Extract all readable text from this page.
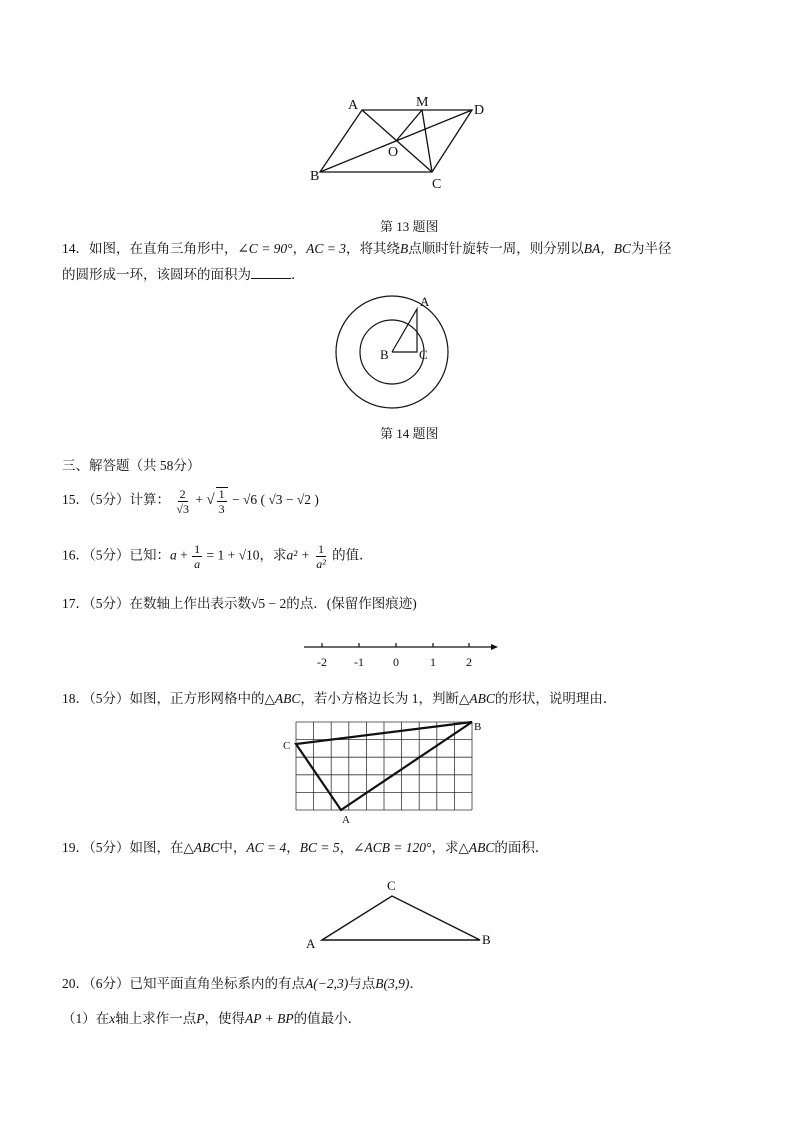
A	M
D
O
B
C
第 13 题图
14．如图，在直角三角形中，∠C = 90°，AC = 3，将其绕B点顺时针旋转一周，则分别以BA，BC为半径
的圆形成一环，该圆环的面积为	．
A
B C
第 14 题图
三、解答题（共 58分）
15．（5分）计算： $\frac{2}{√3}$ + √ $\frac{1}{3} - √6$ ( √3 − √2 )
16．（5分）已知：$a + \frac{1}{a} = 1 + √10$，求$a^2 + \frac{1}{\text{a²}}$ 的值．
17．（5分）在数轴上作出表示数√5 − 2的点．(保留作图痕迹)
-2 -1 0	1	2
18．（5分）如图，正方形网格中的△ABC，若小方格边长为 1，判断△ABC的形状，说明理由．
C
B
A
19．（5分）如图，在△ABC中，AC = 4，BC = 5，∠ACB = 120°，求△ABC的面积．
C
A	B
20．（6分）已知平面直角坐标系内的有点A(−2,3)与点B(3,9)．
（1）在x轴上求作一点P，使得AP + BP的值最小．
